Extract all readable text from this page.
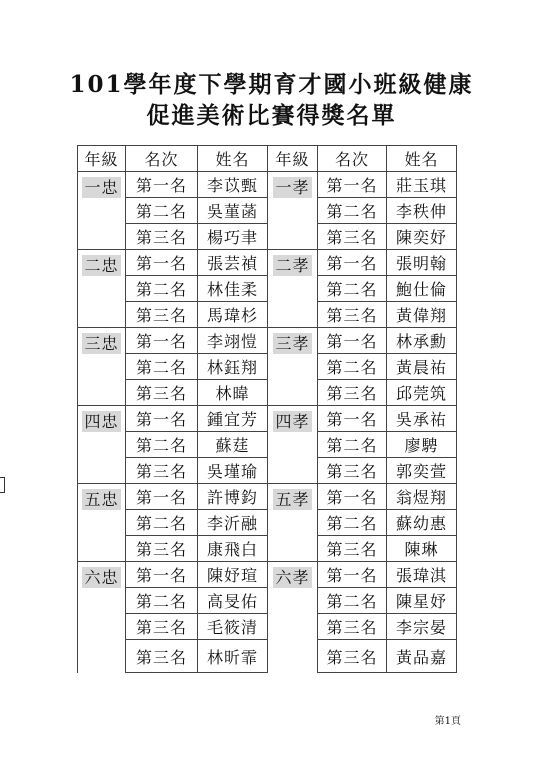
101學年度下學期育才國小班級健康
促進美術比賽得獎名單
年級	名次	姓名	年級	名次	姓名
一忠	第一名	李苡甄	一孝	第一名	莊玉琪
	第二名	吳菫菡		第二名	李秩伸
	第三名	楊巧聿		第三名	陳奕妤
二忠	第一名	張芸禎	二孝	第一名	張明翰
	第二名	林佳柔		第二名	鮑仕倫
	第三名	馬瑋杉		第三名	黃偉翔
三忠	第一名	李翊愷	三孝	第一名	林承勳
	第二名	林鈺翔		第二名	黃晨祐
	第三名	林暐		第三名	邱莞筑
四忠	第一名	鍾宜芳	四孝	第一名	吳承祐
	第二名	蘇莛		第二名	廖騁
	第三名	吳瑾瑜		第三名	郭奕萱
五忠	第一名	許博鈞	五孝	第一名	翁煜翔
	第二名	李沂融		第二名	蘇幼惠
	第三名	康飛白		第三名	陳琳
六忠	第一名	陳妤瑄	六孝	第一名	張瑋淇
	第二名	高旻佑		第二名	陳星妤
	第三名	毛筱清		第三名	李宗晏
	第三名	林昕霏		第三名	黃品嘉
第1頁
